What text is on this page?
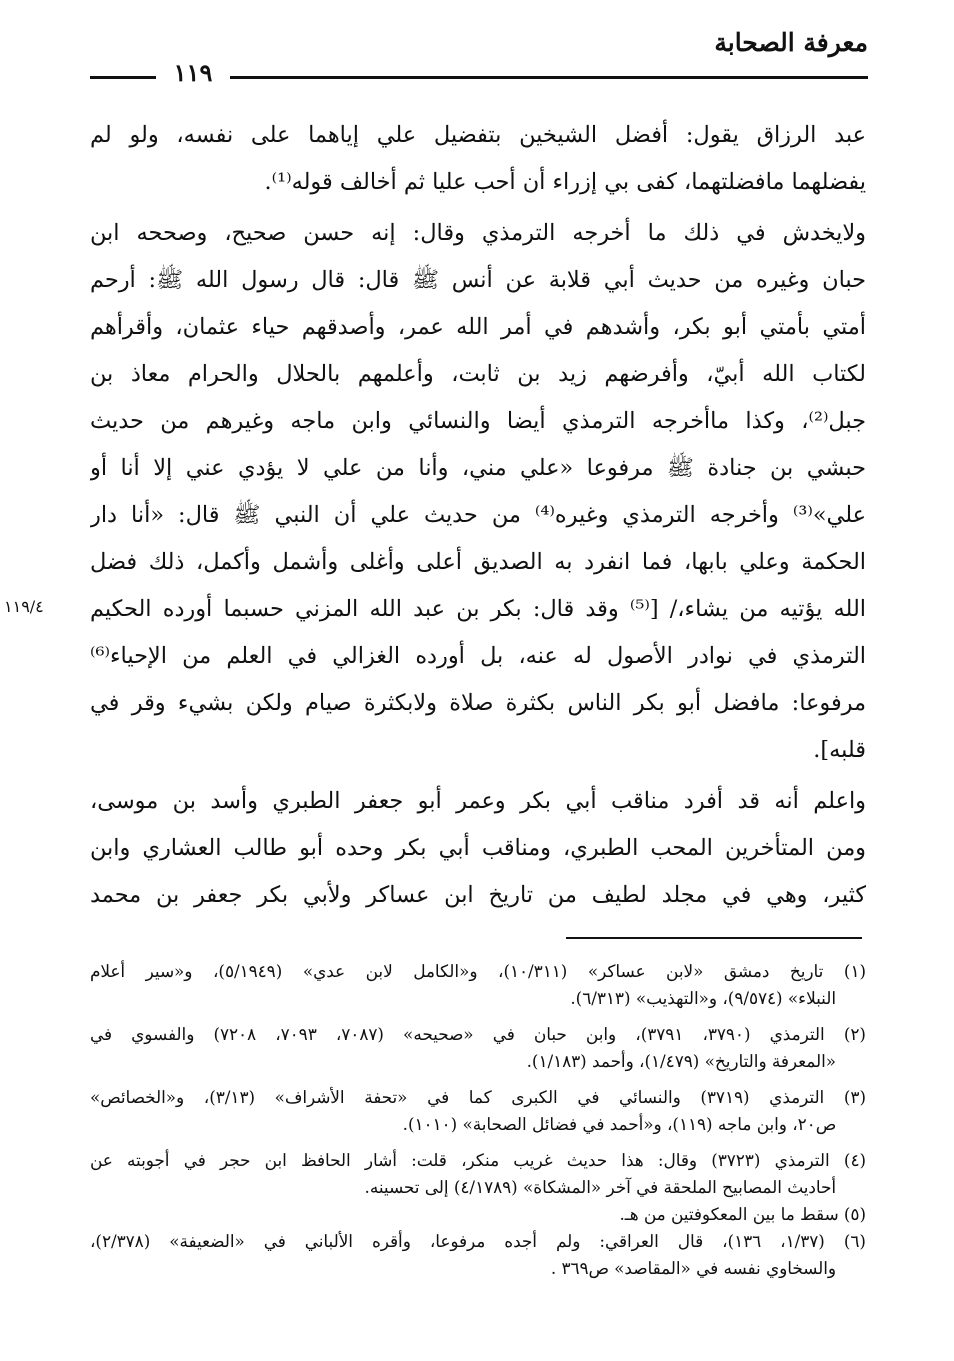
معرفة الصحابة
١١٩
عبد الرزاق يقول: أفضل الشيخين بتفضيل علي إياهما على نفسه، ولو لم
يفضلهما مافضلتهما، كفى بي إزراء أن أحب عليا ثم أخالف قوله⁽¹⁾.
ولايخدش في ذلك ما أخرجه الترمذي وقال: إنه حسن صحيح، وصححه ابن
حبان وغيره من حديث أبي قلابة عن أنس ﷺ قال: قال رسول الله ﷺ: أرحم
أمتي بأمتي أبو بكر، وأشدهم في أمر الله عمر، وأصدقهم حياء عثمان، وأقرأهم
لكتاب الله أبيّ، وأفرضهم زيد بن ثابت، وأعلمهم بالحلال والحرام معاذ بن
جبل⁽²⁾، وكذا ماأخرجه الترمذي أيضا والنسائي وابن ماجه وغيرهم من حديث
حبشي بن جنادة ﷺ مرفوعا «علي مني، وأنا من علي لا يؤدي عني إلا أنا أو
علي»⁽³⁾ وأخرجه الترمذي وغيره⁽⁴⁾ من حديث علي أن النبي ﷺ قال: «أنا دار
الحكمة وعلي بابها، فما انفرد به الصديق أعلى وأغلى وأشمل وأكمل، ذلك فضل
الله يؤتيه من يشاء،/ [⁽⁵⁾ وقد قال: بكر بن عبد الله المزني حسبما أورده الحكيم
الترمذي في نوادر الأصول له عنه، بل أورده الغزالي في العلم من الإحياء⁽⁶⁾
مرفوعا: مافضل أبو بكر الناس بكثرة صلاة ولابكثرة صيام ولكن بشيء وقر في
قلبه].
واعلم أنه قد أفرد مناقب أبي بكر وعمر أبو جعفر الطبري وأسد بن موسى،
ومن المتأخرين المحب الطبري، ومناقب أبي بكر وحده أبو طالب العشاري وابن
كثير، وهي في مجلد لطيف من تاريخ ابن عساكر ولأبي بكر جعفر بن محمد
١١٩/٤
(١) تاريخ دمشق «لابن عساكر» (١٠/٣١١)، و«الكامل لابن عدي» (٥/١٩٤٩)، و«سير أعلام
النبلاء» (٩/٥٧٤)، و«التهذيب» (٦/٣١٣).
(٢) الترمذي (٣٧٩٠، ٣٧٩١)، وابن حبان في «صحيحه» (٧٠٨٧، ٧٠٩٣، ٧٢٠٨) والفسوي في
«المعرفة والتاريخ» (١/٤٧٩)، وأحمد (١/١٨٣).
(٣) الترمذي (٣٧١٩) والنسائي في الكبرى كما في «تحفة الأشراف» (٣/١٣)، و«الخصائص»
ص٢٠، وابن ماجه (١١٩)، و«أحمد في فضائل الصحابة» (١٠١٠).
(٤) الترمذي (٣٧٢٣) وقال: هذا حديث غريب منكر، قلت: أشار الحافظ ابن حجر في أجوبته عن
أحاديث المصابيح الملحقة في آخر «المشكاة» (٤/١٧٨٩) إلى تحسينه.
(٥) سقط ما بين المعكوفتين من هـ.
(٦) (١/٣٧، ١٣٦)، قال العراقي: ولم أجده مرفوعا، وأقره الألباني في «الضعيفة» (٢/٣٧٨)،
والسخاوي نفسه في «المقاصد» ص٣٦٩ .
